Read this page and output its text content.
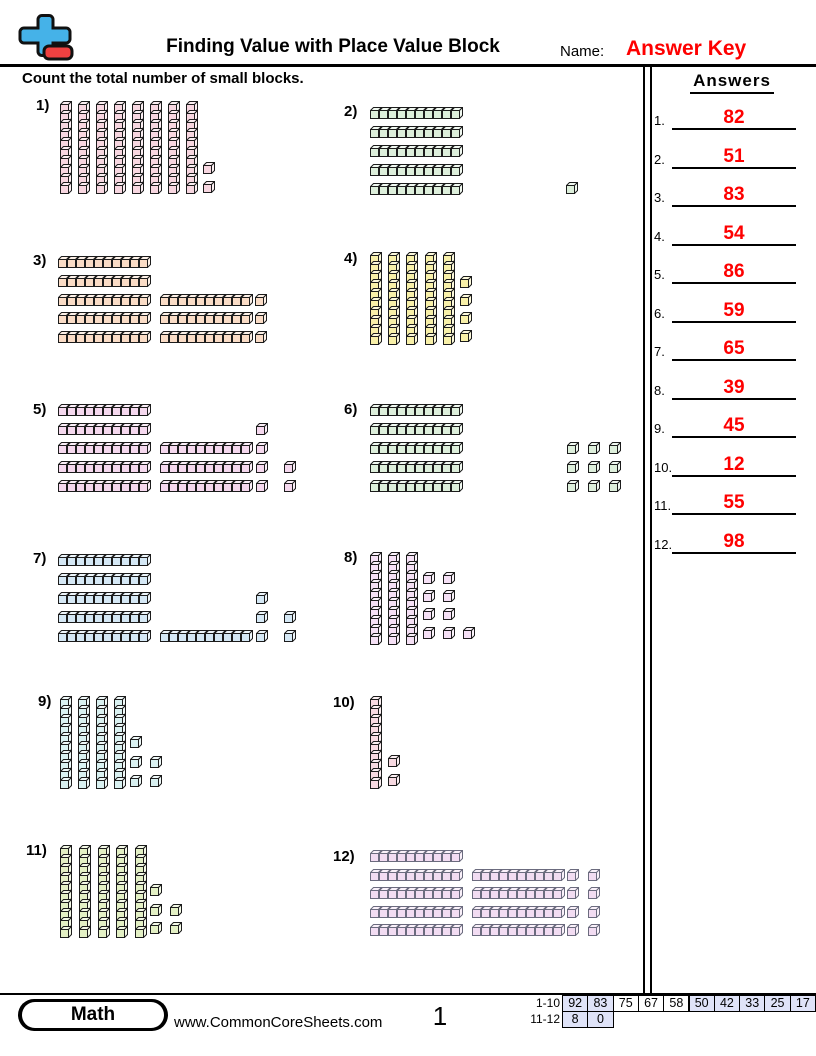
Finding Value with Place Value Block	Name: Answer Key
Count the total number of small blocks.	Answers
1.	82
2.	51
3.	83
4.	54
5.	86
6.	59
7.	65
8.	39
9.	45
10.	12
11.	55
12.	98
1)	2)
3)	4)
5)	6)
7)	8)
9)	10)
11)	12)
Math	www.CommonCoreSheets.com	1	1-10 92 83 75 67 58 50 42 33 25 17
11-12 8	0
